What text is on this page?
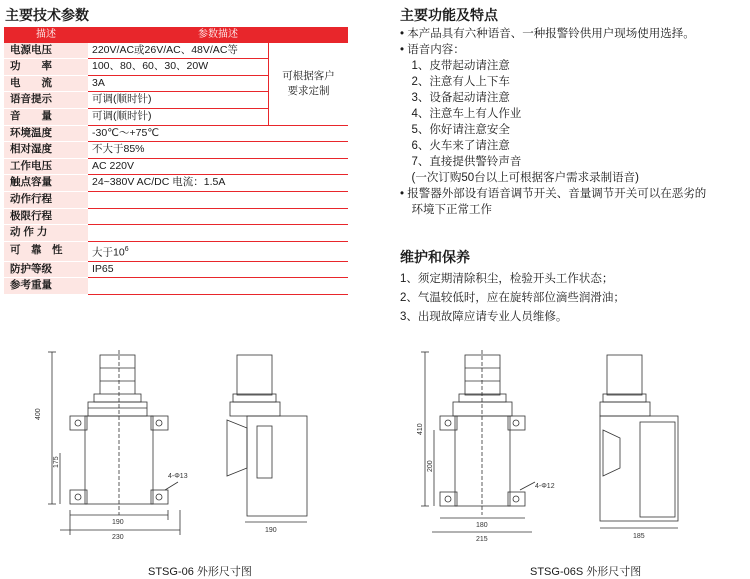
主要技术参数
描述	参数描述	
电源电压	220V/AC或26V/AC、48V/AC等	可根据客户
要求定制

功　　率	100、80、60、30、20W	
电　　流	3A	
语音提示	可调(顺时针)	
音　　量	可调(顺时针)	
环境温度	-30℃～+75℃	
相对湿度	不大于85%	
工作电压	AC 220V	
触点容量	24~380V AC/DC 电流：1.5A	
动作行程		
极限行程		
动 作 力		
可　靠　性	大于$10^6$
防护等级	IP65	
参考重量		
主要功能及特点
• 本产品具有六种语音、一种报警铃供用户现场使用选择。
• 语音内容：
　1、皮带起动请注意
　2、注意有人上下车
　3、设备起动请注意
　4、注意车上有人作业
　5、你好请注意安全
　6、火车来了请注意
　7、直接提供警铃声音
　(一次订购50台以上可根据客户需求录制语音)
• 报警器外部设有语音调节开关、音量调节开关可以在恶劣的
　环境下正常工作
维护和保养
1、须定期清除积尘，检验开头工作状态；
2、气温较低时，应在旋转部位滴些润滑油；
3、出现故障应请专业人员维修。
400
175
4-Φ13
190
230
190
410
200
4-Φ12
180
215	185
STSG-06 外形尺寸图	STSG-06S 外形尺寸图
